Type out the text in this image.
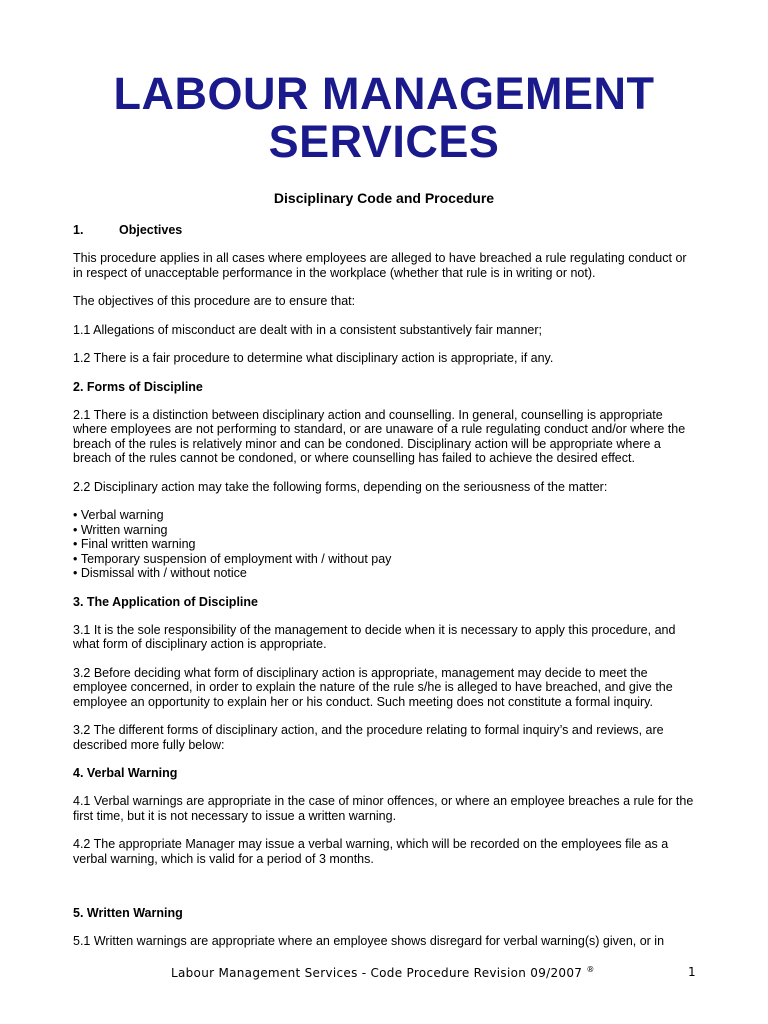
LABOUR MANAGEMENT SERVICES
Disciplinary Code and Procedure
1.	Objectives

This procedure applies in all cases where employees are alleged to have breached a rule regulating conduct or in respect of unacceptable performance in the workplace (whether that rule is in writing or not).

The objectives of this procedure are to ensure that:

1.1 Allegations of misconduct are dealt with in a consistent substantively fair manner;

1.2 There is a fair procedure to determine what disciplinary action is appropriate, if any.

2. Forms of Discipline

2.1 There is a distinction between disciplinary action and counselling. In general, counselling is appropriate where employees are not performing to standard, or are unaware of a rule regulating conduct and/or where the breach of the rules is relatively minor and can be condoned. Disciplinary action will be appropriate where a breach of the rules cannot be condoned, or where counselling has failed to achieve the desired effect.

2.2 Disciplinary action may take the following forms, depending on the seriousness of the matter:

• Verbal warning
• Written warning
• Final written warning
• Temporary suspension of employment with / without pay
• Dismissal with / without notice
3. The Application of Discipline

3.1 It is the sole responsibility of the management to decide when it is necessary to apply this procedure, and what form of disciplinary action is appropriate.

3.2 Before deciding what form of disciplinary action is appropriate, management may decide to meet the employee concerned, in order to explain the nature of the rule s/he is alleged to have breached, and give the employee an opportunity to explain her or his conduct. Such meeting does not constitute a formal inquiry.

3.2 The different forms of disciplinary action, and the procedure relating to formal inquiry’s and reviews, are described more fully below:

4. Verbal Warning

4.1 Verbal warnings are appropriate in the case of minor offences, or where an employee breaches a rule for the first time, but it is not necessary to issue a written warning.

4.2 The appropriate Manager may issue a verbal warning, which will be recorded on the employees file as a verbal warning, which is valid for a period of 3 months.

5. Written Warning

5.1 Written warnings are appropriate where an employee shows disregard for verbal warning(s) given, or in

Labour Management Services - Code Procedure Revision 09/2007 ®	1
